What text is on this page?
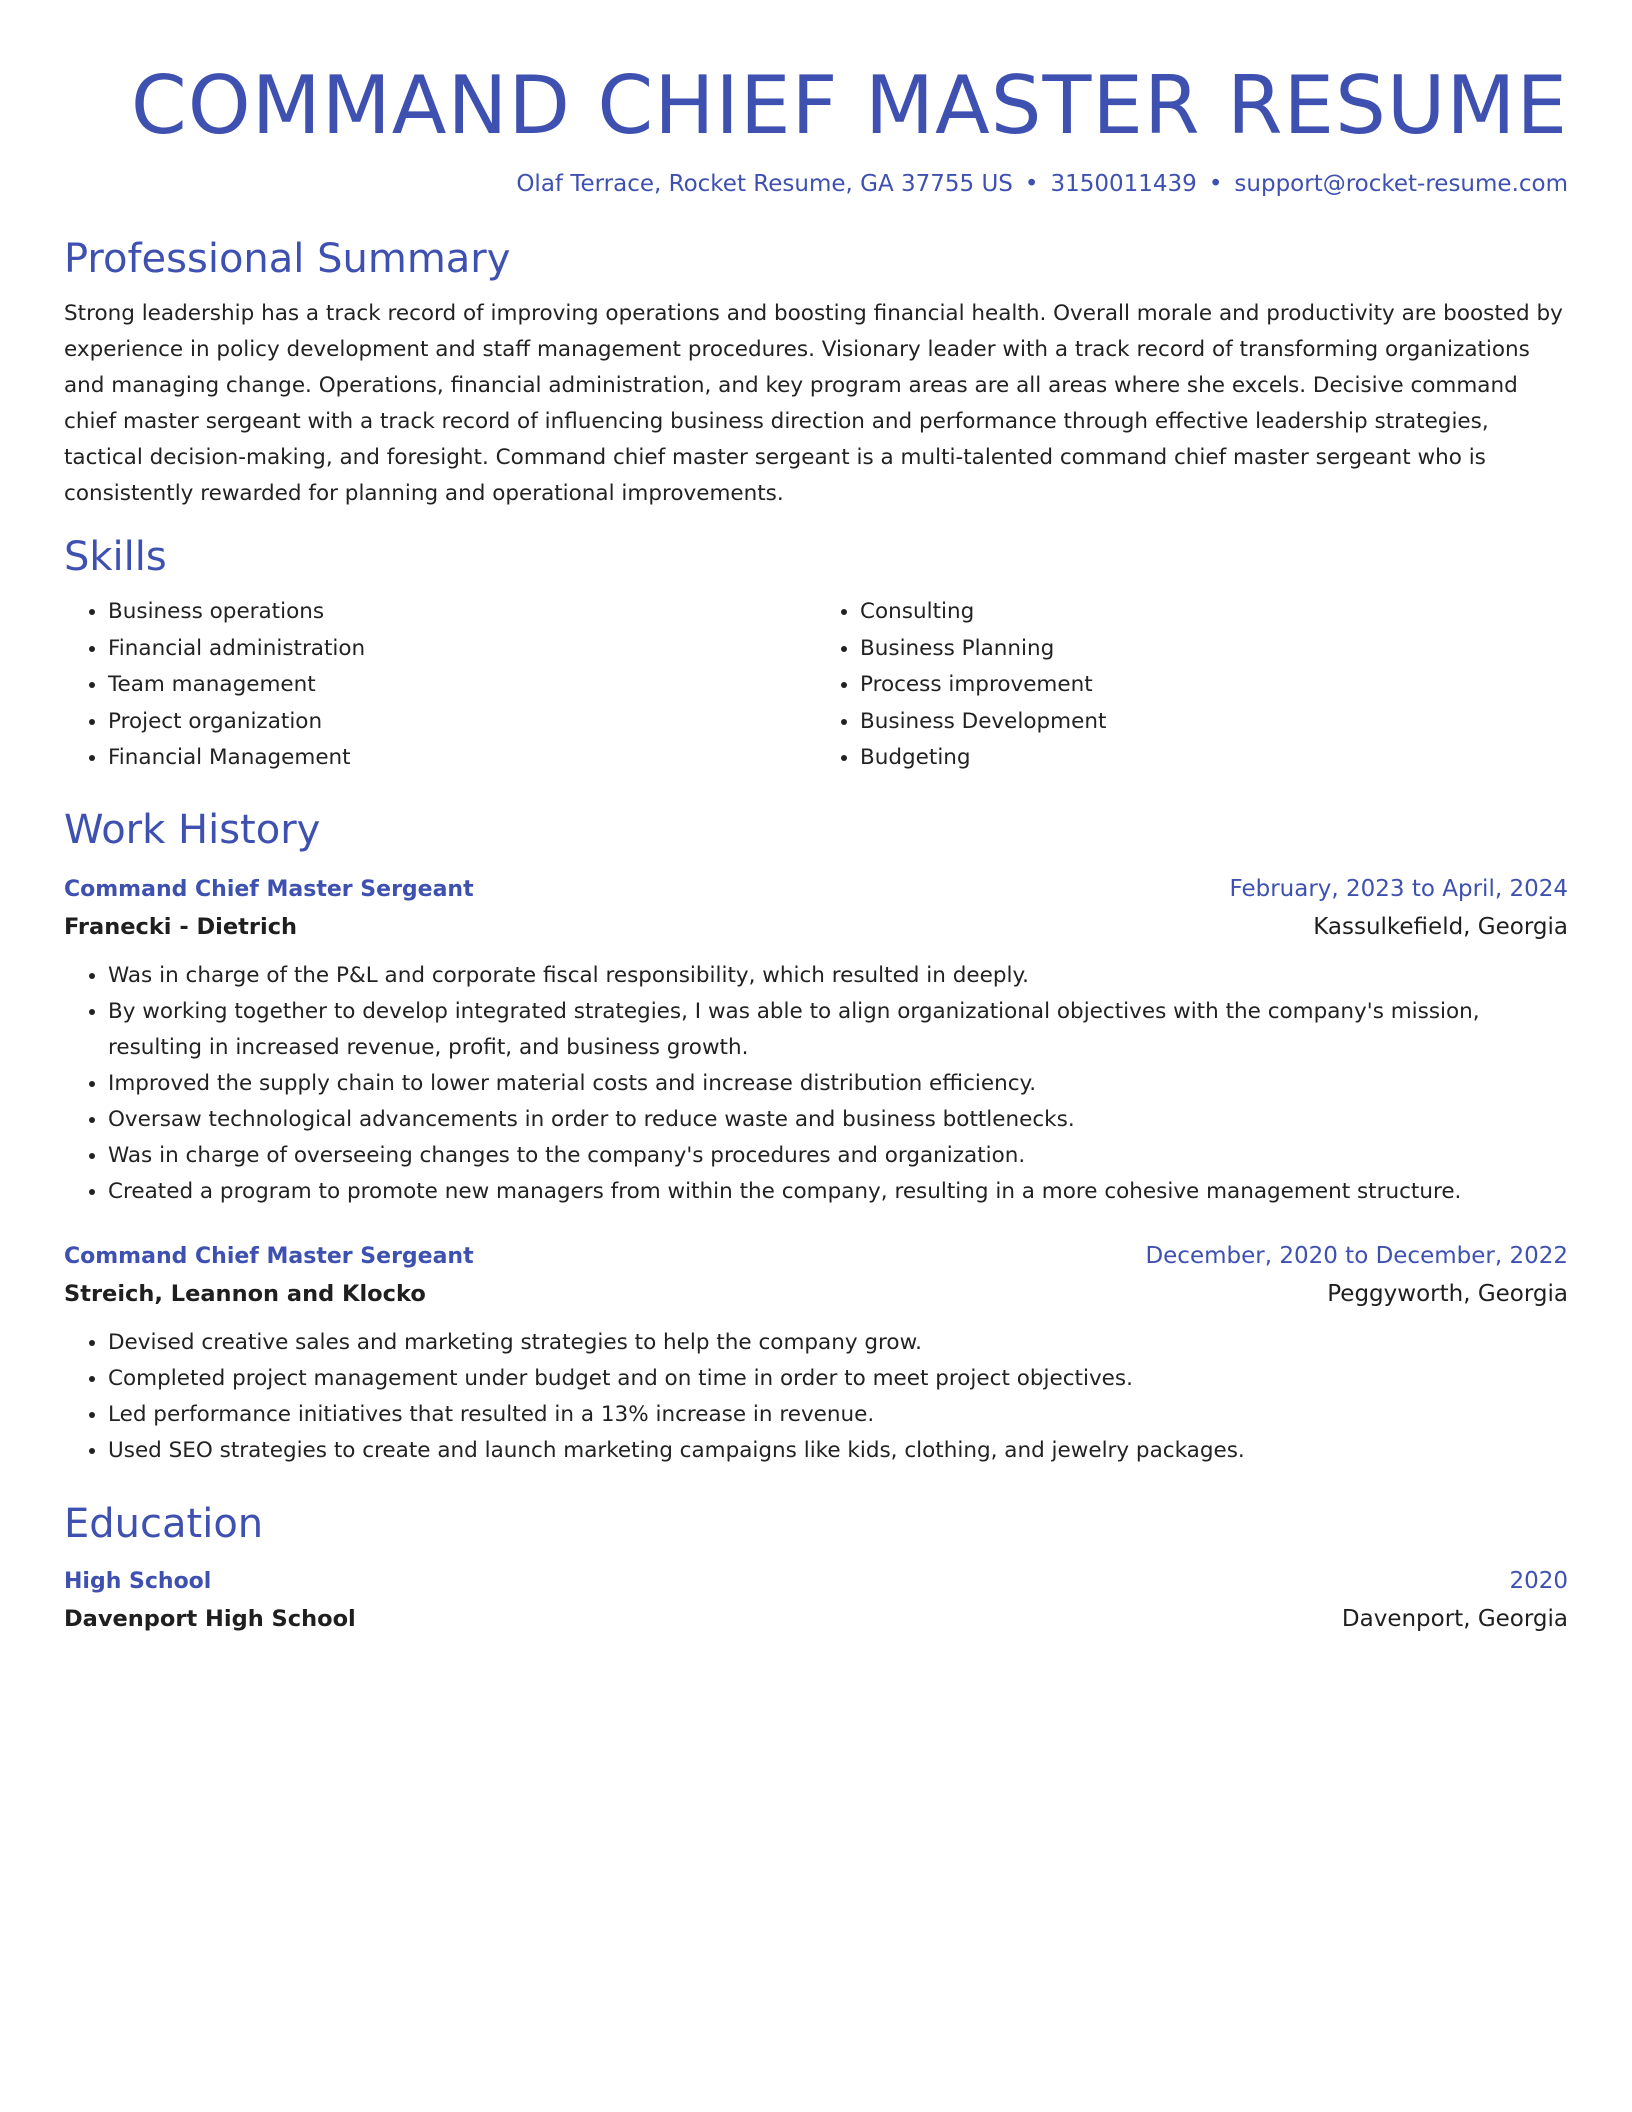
COMMAND CHIEF MASTER RESUME
Olaf Terrace, Rocket Resume, GA 37755 US • 3150011439 • support@rocket-resume.com
Professional Summary

Strong leadership has a track record of improving operations and boosting financial health. Overall morale and productivity are boosted by experience in policy development and staff management procedures. Visionary leader with a track record of transforming organizations and managing change. Operations, financial administration, and key program areas are all areas where she excels. Decisive command chief master sergeant with a track record of influencing business direction and performance through effective leadership strategies, tactical decision-making, and foresight. Command chief master sergeant is a multi-talented command chief master sergeant who is consistently rewarded for planning and operational improvements.

Skills
• Business operations
• Financial administration
• Team management
• Project organization
• Financial Management
• Consulting
• Business Planning
• Process improvement
• Business Development
• Budgeting
Work History
Command Chief Master Sergeant	February, 2023 to April, 2024
Franecki - Dietrich	Kassulkefield, Georgia
• Was in charge of the P&L and corporate fiscal responsibility, which resulted in deeply.
• By working together to develop integrated strategies, I was able to align organizational objectives with the company's mission, resulting in increased revenue, profit, and business growth.
• Improved the supply chain to lower material costs and increase distribution efficiency.
• Oversaw technological advancements in order to reduce waste and business bottlenecks.
• Was in charge of overseeing changes to the company's procedures and organization.
• Created a program to promote new managers from within the company, resulting in a more cohesive management structure.
Command Chief Master Sergeant	December, 2020 to December, 2022
Streich, Leannon and Klocko	Peggyworth, Georgia
• Devised creative sales and marketing strategies to help the company grow.
• Completed project management under budget and on time in order to meet project objectives.
• Led performance initiatives that resulted in a 13% increase in revenue.
• Used SEO strategies to create and launch marketing campaigns like kids, clothing, and jewelry packages.
Education
High School	2020
Davenport High School	Davenport, Georgia
